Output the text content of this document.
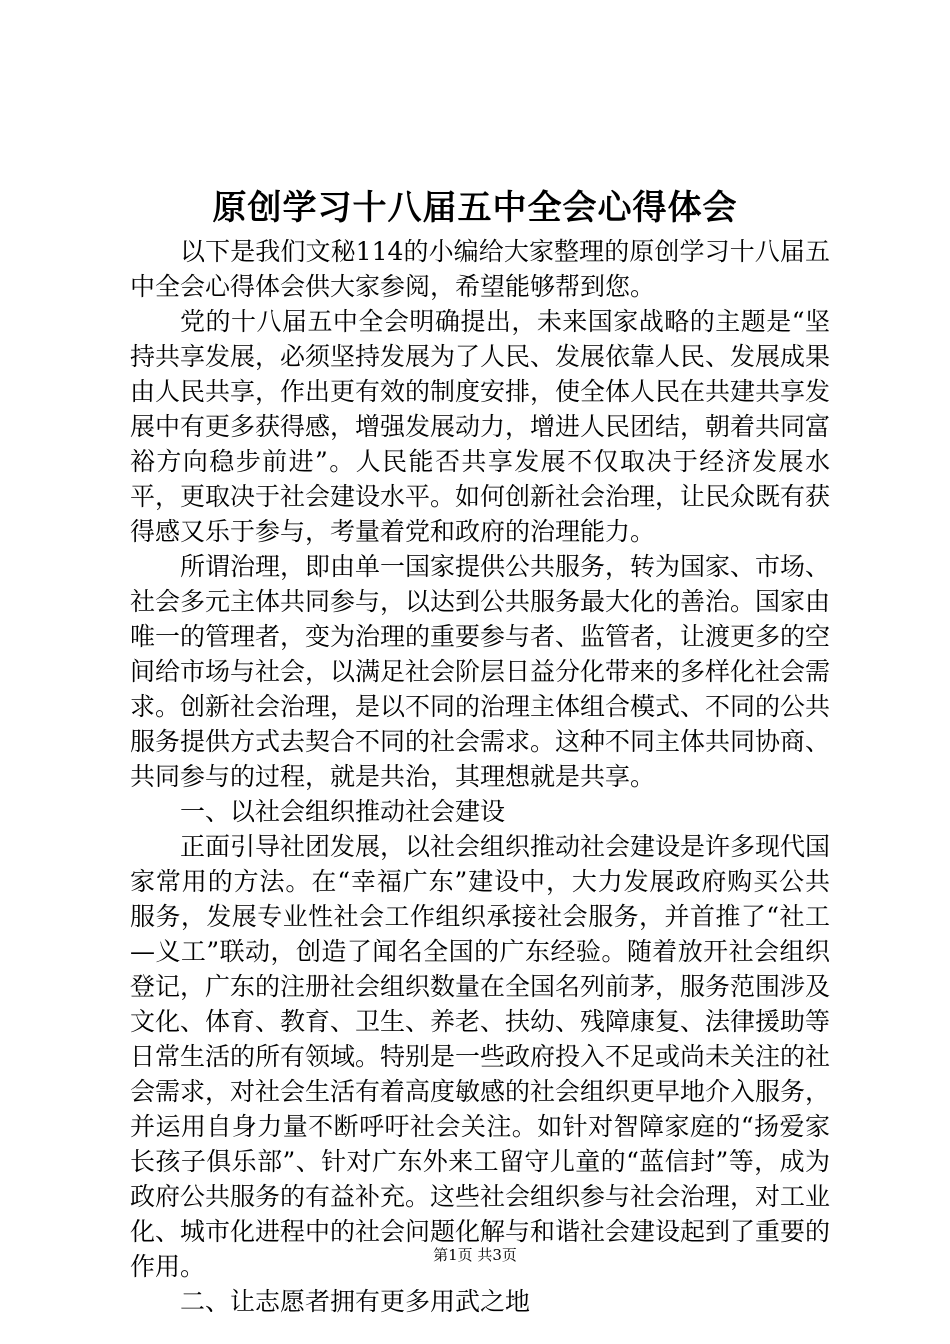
原创学习十八届五中全会心得体会

以下是我们文秘114的小编给大家整理的原创学习十八届五中全会心得体会供大家参阅，希望能够帮到您。

党的十八届五中全会明确提出，未来国家战略的主题是“坚持共享发展，必须坚持发展为了人民、发展依靠人民、发展成果由人民共享，作出更有效的制度安排，使全体人民在共建共享发展中有更多获得感，增强发展动力，增进人民团结，朝着共同富裕方向稳步前进”。人民能否共享发展不仅取决于经济发展水平，更取决于社会建设水平。如何创新社会治理，让民众既有获得感又乐于参与，考量着党和政府的治理能力。

所谓治理，即由单一国家提供公共服务，转为国家、市场、社会多元主体共同参与，以达到公共服务最大化的善治。国家由唯一的管理者，变为治理的重要参与者、监管者，让渡更多的空间给市场与社会，以满足社会阶层日益分化带来的多样化社会需求。创新社会治理，是以不同的治理主体组合模式、不同的公共服务提供方式去契合不同的社会需求。这种不同主体共同协商、共同参与的过程，就是共治，其理想就是共享。

一、以社会组织推动社会建设

正面引导社团发展，以社会组织推动社会建设是许多现代国家常用的方法。在“幸福广东”建设中，大力发展政府购买公共服务，发展专业性社会工作组织承接社会服务，并首推了“社工—义工”联动，创造了闻名全国的广东经验。随着放开社会组织登记，广东的注册社会组织数量在全国名列前茅，服务范围涉及文化、体育、教育、卫生、养老、扶幼、残障康复、法律援助等日常生活的所有领域。特别是一些政府投入不足或尚未关注的社会需求，对社会生活有着高度敏感的社会组织更早地介入服务，并运用自身力量不断呼吁社会关注。如针对智障家庭的“扬爱家长孩子俱乐部”、针对广东外来工留守儿童的“蓝信封”等，成为政府公共服务的有益补充。这些社会组织参与社会治理，对工业化、城市化进程中的社会问题化解与和谐社会建设起到了重要的作用。

二、让志愿者拥有更多用武之地

第1页 共3页
